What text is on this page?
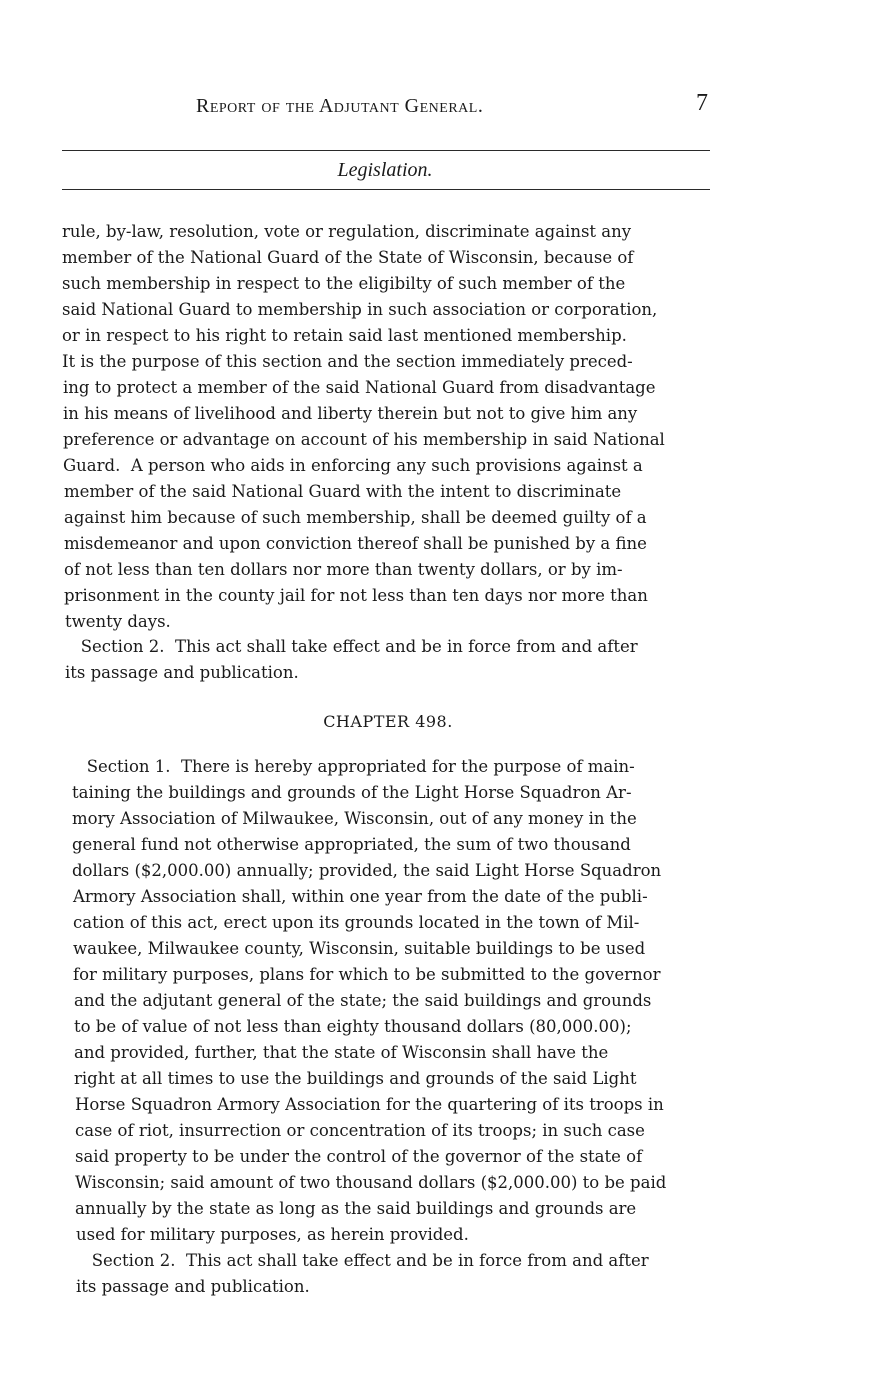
Report of the Adjutant General.	7
Legislation.
rule, by-law, resolution, vote or regulation, discriminate against any
member of the National Guard of the State of Wisconsin, because of
such membership in respect to the eligibilty of such member of the
said National Guard to membership in such association or corporation,
or in respect to his right to retain said last mentioned membership.
It is the purpose of this section and the section immediately preced-
ing to protect a member of the said National Guard from disadvantage
in his means of livelihood and liberty therein but not to give him any
preference or advantage on account of his membership in said National
Guard.  A person who aids in enforcing any such provisions against a
member of the said National Guard with the intent to discriminate
against him because of such membership, shall be deemed guilty of a
misdemeanor and upon conviction thereof shall be punished by a fine
of not less than ten dollars nor more than twenty dollars, or by im-
prisonment in the county jail for not less than ten days nor more than
twenty days.
Section 2.  This act shall take effect and be in force from and after
its passage and publication.
CHAPTER 498.
Section 1.  There is hereby appropriated for the purpose of main-
taining the buildings and grounds of the Light Horse Squadron Ar-
mory Association of Milwaukee, Wisconsin, out of any money in the
general fund not otherwise appropriated, the sum of two thousand
dollars ($2,000.00) annually; provided, the said Light Horse Squadron
Armory Association shall, within one year from the date of the publi-
cation of this act, erect upon its grounds located in the town of Mil-
waukee, Milwaukee county, Wisconsin, suitable buildings to be used
for military purposes, plans for which to be submitted to the governor
and the adjutant general of the state; the said buildings and grounds
to be of value of not less than eighty thousand dollars (80,000.00);
and provided, further, that the state of Wisconsin shall have the
right at all times to use the buildings and grounds of the said Light
Horse Squadron Armory Association for the quartering of its troops in
case of riot, insurrection or concentration of its troops; in such case
said property to be under the control of the governor of the state of
Wisconsin; said amount of two thousand dollars ($2,000.00) to be paid
annually by the state as long as the said buildings and grounds are
used for military purposes, as herein provided.
Section 2.  This act shall take effect and be in force from and after
its passage and publication.
